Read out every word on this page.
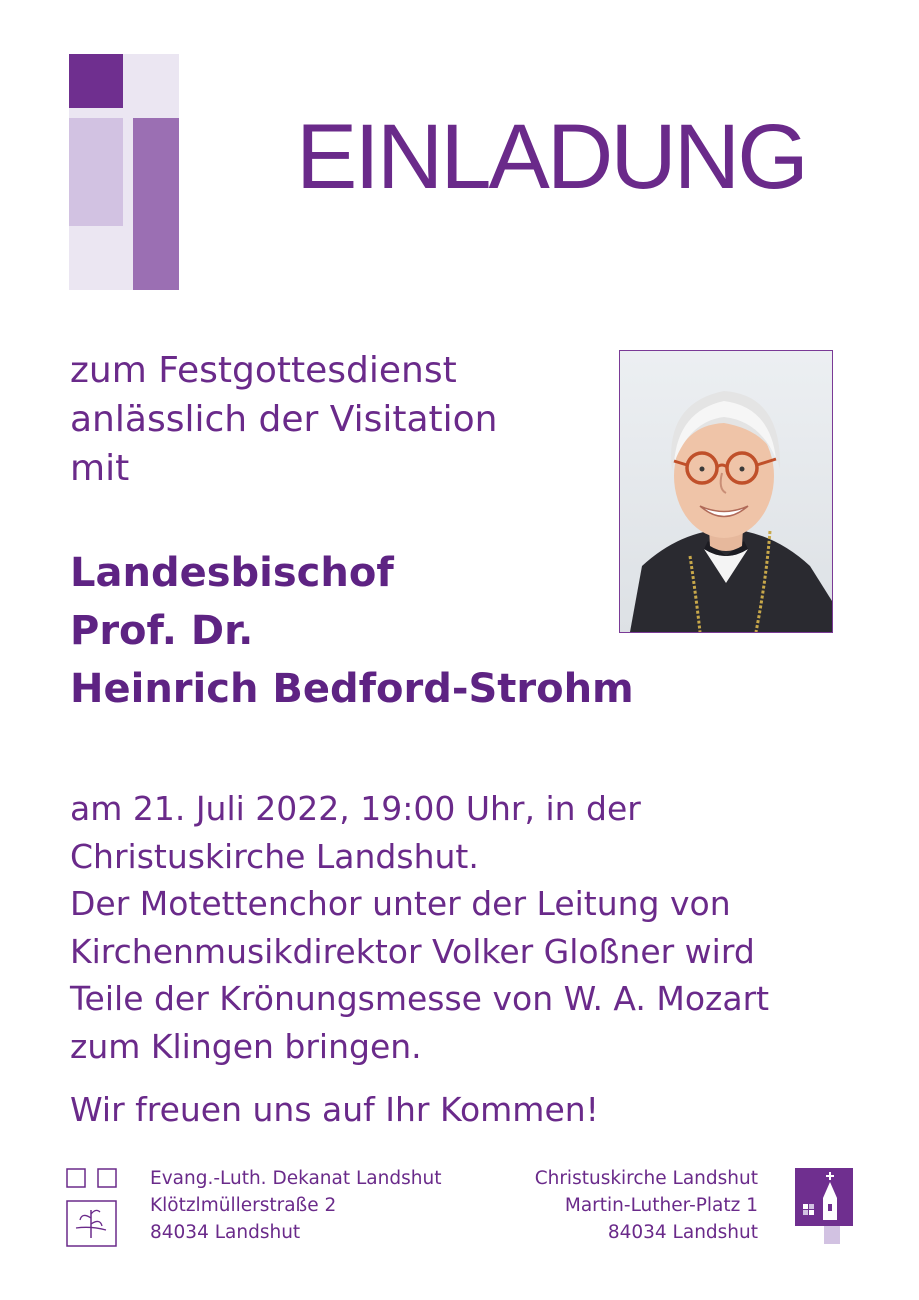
EINLADUNG
zum Festgottesdienst
anlässlich der Visitation
mit
Landesbischof
Prof. Dr.
Heinrich Bedford-Strohm
am 21. Juli 2022, 19:00 Uhr, in der
Christuskirche Landshut.
Der Motettenchor unter der Leitung von
Kirchenmusikdirektor Volker Gloßner wird
Teile der Krönungsmesse von W. A. Mozart
zum Klingen bringen.
Wir freuen uns auf Ihr Kommen!
Evang.-Luth. Dekanat Landshut
Klötzlmüllerstraße 2
84034 Landshut
Christuskirche Landshut
Martin-Luther-Platz 1
84034 Landshut
